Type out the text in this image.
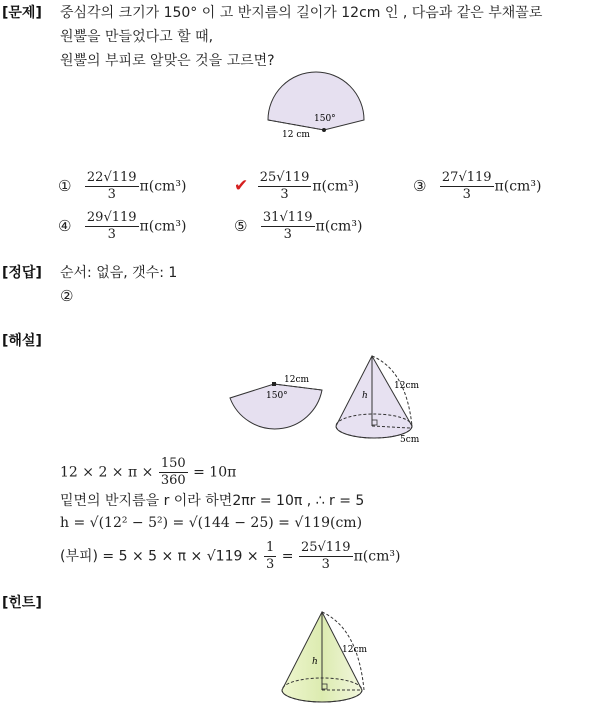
[문제] 중심각의 크기가 150° 이 고 반지름의 길이가 12cm 인 , 다음과 같은 부채꼴로
원뿔을 만들었다고 할 때,
원뿔의 부피로 알맞은 것을 고르면?
150°
12 cm
① $\frac{22√119}{3} \pi(cm^3)$	✔ $\frac{25√119}{3} \pi(cm^3)$	③ $\frac{27√119}{3} \pi(cm^3)$
④ $\frac{29√119}{3} \pi(cm^3)$	⑤ $\frac{31√119}{3} \pi(cm^3)$
[정답] 순서: 없음, 갯수: 1
②
[해설]
12cm
150°	h
12cm
5cm
$12 \times 2 \times \pi \times \frac{150}{360} = 10\pi$
밑면의 반지름을 r 이라 하면2πr = 10π , ∴ r = 5
h = √(12² − 5²) = √(144 − 25) = √119(cm)
(부피) = $5 \times 5 \times \pi \times √119 \times \frac{1}{3} = \frac{25√119}{3} \pi(cm^3)$
[힌트]
h
12cm
